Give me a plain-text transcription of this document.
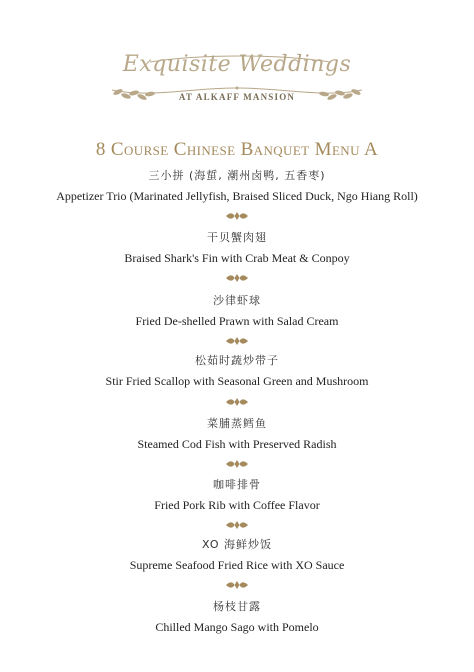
Exquisite Weddings
AT ALKAFF MANSION
8 Course Chinese Banquet Menu A
三小拼 (海蜇, 潮州卤鸭, 五香枣)
Appetizer Trio (Marinated Jellyfish, Braised Sliced Duck, Ngo Hiang Roll)
干贝蟹肉翅
Braised Shark's Fin with Crab Meat & Conpoy
沙律虾球
Fried De-shelled Prawn with Salad Cream
松茹时蔬炒带子
Stir Fried Scallop with Seasonal Green and Mushroom
菜脯蒸鳕鱼
Steamed Cod Fish with Preserved Radish
咖啡排骨
Fried Pork Rib with Coffee Flavor
XO 海鲜炒饭
Supreme Seafood Fried Rice with XO Sauce
杨枝甘露
Chilled Mango Sago with Pomelo
